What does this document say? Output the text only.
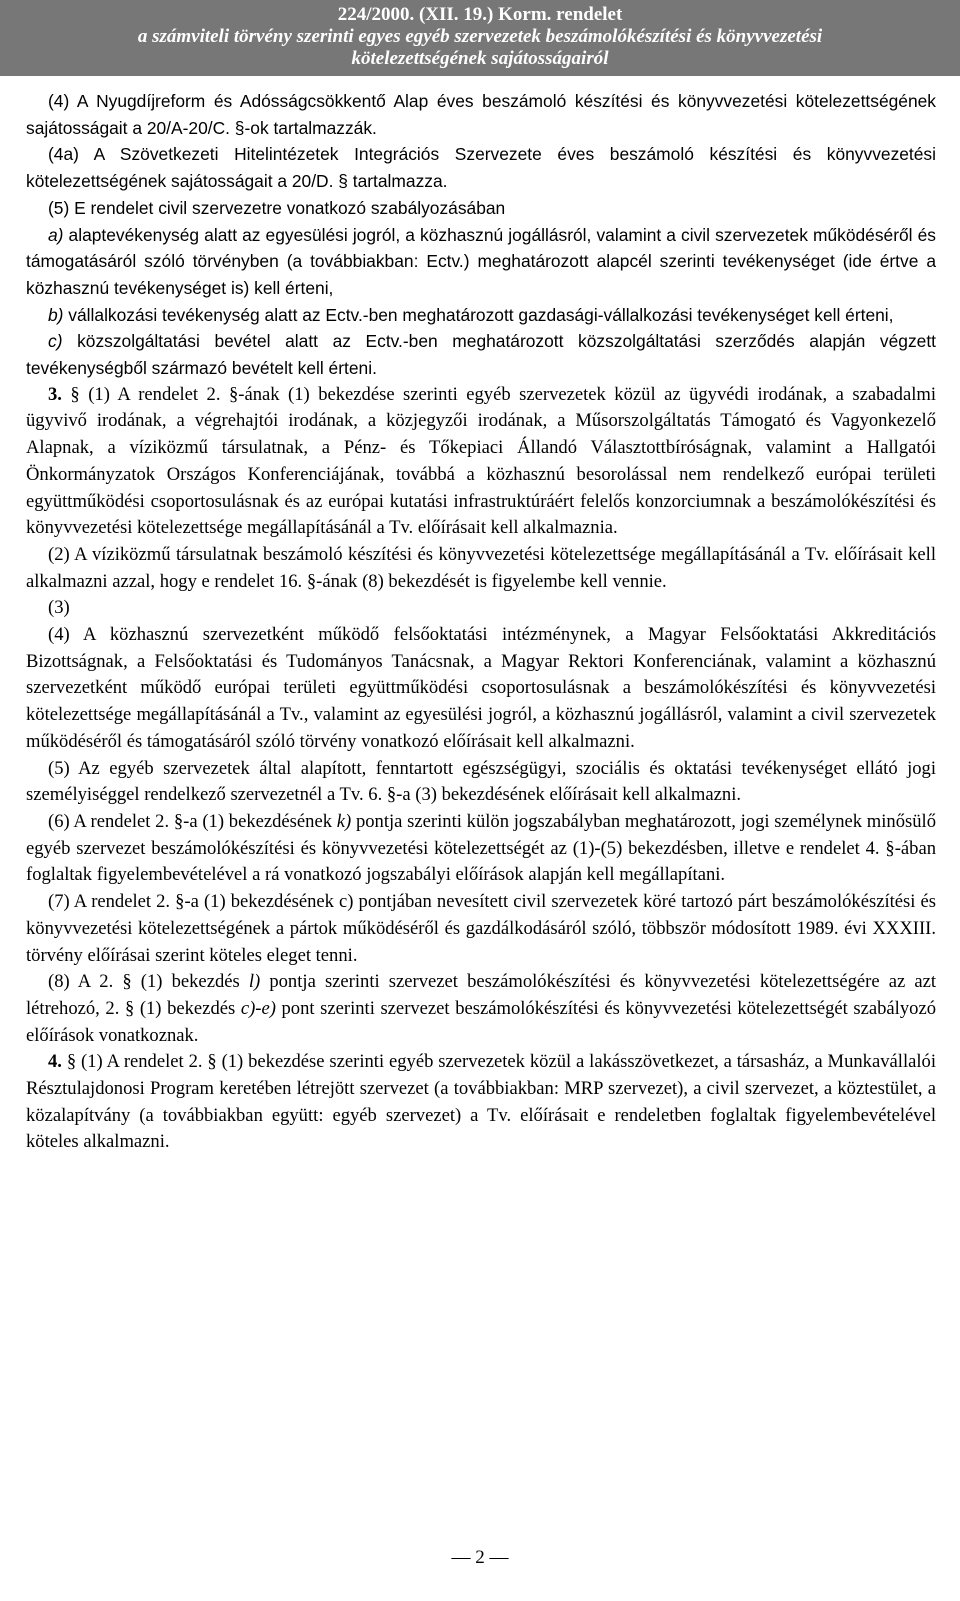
224/2000. (XII. 19.) Korm. rendelet
a számviteli törvény szerinti egyes egyéb szervezetek beszámolókészítési és könyvvezetési
kötelezettségének sajátosságairól

(4) A Nyugdíjreform és Adósságcsökkentő Alap éves beszámoló készítési és könyvvezetési kötelezettségének sajátosságait a 20/A-20/C. §-ok tartalmazzák.

(4a) A Szövetkezeti Hitelintézetek Integrációs Szervezete éves beszámoló készítési és könyvvezetési kötelezettségének sajátosságait a 20/D. § tartalmazza.

(5) E rendelet civil szervezetre vonatkozó szabályozásában

a) alaptevékenység alatt az egyesülési jogról, a közhasznú jogállásról, valamint a civil szervezetek működéséről és támogatásáról szóló törvényben (a továbbiakban: Ectv.) meghatározott alapcél szerinti tevékenységet (ide értve a közhasznú tevékenységet is) kell érteni,

b) vállalkozási tevékenység alatt az Ectv.-ben meghatározott gazdasági-vállalkozási tevékenységet kell érteni,

c) közszolgáltatási bevétel alatt az Ectv.-ben meghatározott közszolgáltatási szerződés alapján végzett tevékenységből származó bevételt kell érteni.

3. § (1) A rendelet 2. §-ának (1) bekezdése szerinti egyéb szervezetek közül az ügyvédi irodának, a szabadalmi ügyvivő irodának, a végrehajtói irodának, a közjegyzői irodának, a Műsorszolgáltatás Támogató és Vagyonkezelő Alapnak, a víziközmű társulatnak, a Pénz- és Tőkepiaci Állandó Választottbíróságnak, valamint a Hallgatói Önkormányzatok Országos Konferenciájának, továbbá a közhasznú besorolással nem rendelkező európai területi együttműködési csoportosulásnak és az európai kutatási infrastruktúráért felelős konzorciumnak a beszámolókészítési és könyvvezetési kötelezettsége megállapításánál a Tv. előírásait kell alkalmaznia.

(2) A víziközmű társulatnak beszámoló készítési és könyvvezetési kötelezettsége megállapításánál a Tv. előírásait kell alkalmazni azzal, hogy e rendelet 16. §-ának (8) bekezdését is figyelembe kell vennie.

(3)

(4) A közhasznú szervezetként működő felsőoktatási intézménynek, a Magyar Felsőoktatási Akkreditációs Bizottságnak, a Felsőoktatási és Tudományos Tanácsnak, a Magyar Rektori Konferenciának, valamint a közhasznú szervezetként működő európai területi együttműködési csoportosulásnak a beszámolókészítési és könyvvezetési kötelezettsége megállapításánál a Tv., valamint az egyesülési jogról, a közhasznú jogállásról, valamint a civil szervezetek működéséről és támogatásáról szóló törvény vonatkozó előírásait kell alkalmazni.

(5) Az egyéb szervezetek által alapított, fenntartott egészségügyi, szociális és oktatási tevékenységet ellátó jogi személyiséggel rendelkező szervezetnél a Tv. 6. §-a (3) bekezdésének előírásait kell alkalmazni.

(6) A rendelet 2. §-a (1) bekezdésének k) pontja szerinti külön jogszabályban meghatározott, jogi személynek minősülő egyéb szervezet beszámolókészítési és könyvvezetési kötelezettségét az (1)-(5) bekezdésben, illetve e rendelet 4. §-ában foglaltak figyelembevételével a rá vonatkozó jogszabályi előírások alapján kell megállapítani.

(7) A rendelet 2. §-a (1) bekezdésének c) pontjában nevesített civil szervezetek köré tartozó párt beszámolókészítési és könyvvezetési kötelezettségének a pártok működéséről és gazdálkodásáról szóló, többször módosított 1989. évi XXXIII. törvény előírásai szerint köteles eleget tenni.

(8) A 2. § (1) bekezdés l) pontja szerinti szervezet beszámolókészítési és könyvvezetési kötelezettségére az azt létrehozó, 2. § (1) bekezdés c)-e) pont szerinti szervezet beszámolókészítési és könyvvezetési kötelezettségét szabályozó előírások vonatkoznak.

4. § (1) A rendelet 2. § (1) bekezdése szerinti egyéb szervezetek közül a lakásszövetkezet, a társasház, a Munkavállalói Résztulajdonosi Program keretében létrejött szervezet (a továbbiakban: MRP szervezet), a civil szervezet, a köztestület, a közalapítvány (a továbbiakban együtt: egyéb szervezet) a Tv. előírásait e rendeletben foglaltak figyelembevételével köteles alkalmazni.

— 2 —
